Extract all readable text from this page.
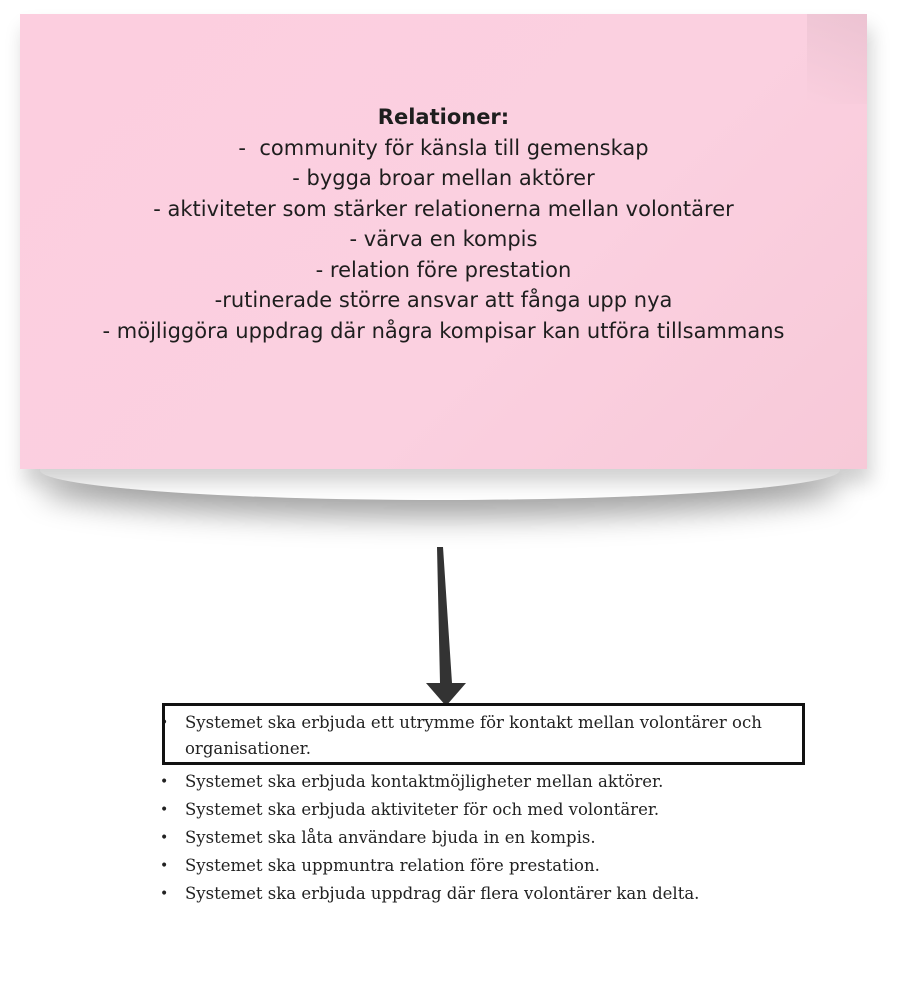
Relationer:
-  community för känsla till gemenskap
- bygga broar mellan aktörer
- aktiviteter som stärker relationerna mellan volontärer
- värva en kompis
- relation före prestation
-rutinerade större ansvar att fånga upp nya
- möjliggöra uppdrag där några kompisar kan utföra tillsammans
• Systemet ska erbjuda ett utrymme för kontakt mellan volontärer och organisationer.
• Systemet ska erbjuda kontaktmöjligheter mellan aktörer.
• Systemet ska erbjuda aktiviteter för och med volontärer.
• Systemet ska låta användare bjuda in en kompis.
• Systemet ska uppmuntra relation före prestation.
• Systemet ska erbjuda uppdrag där flera volontärer kan delta.
